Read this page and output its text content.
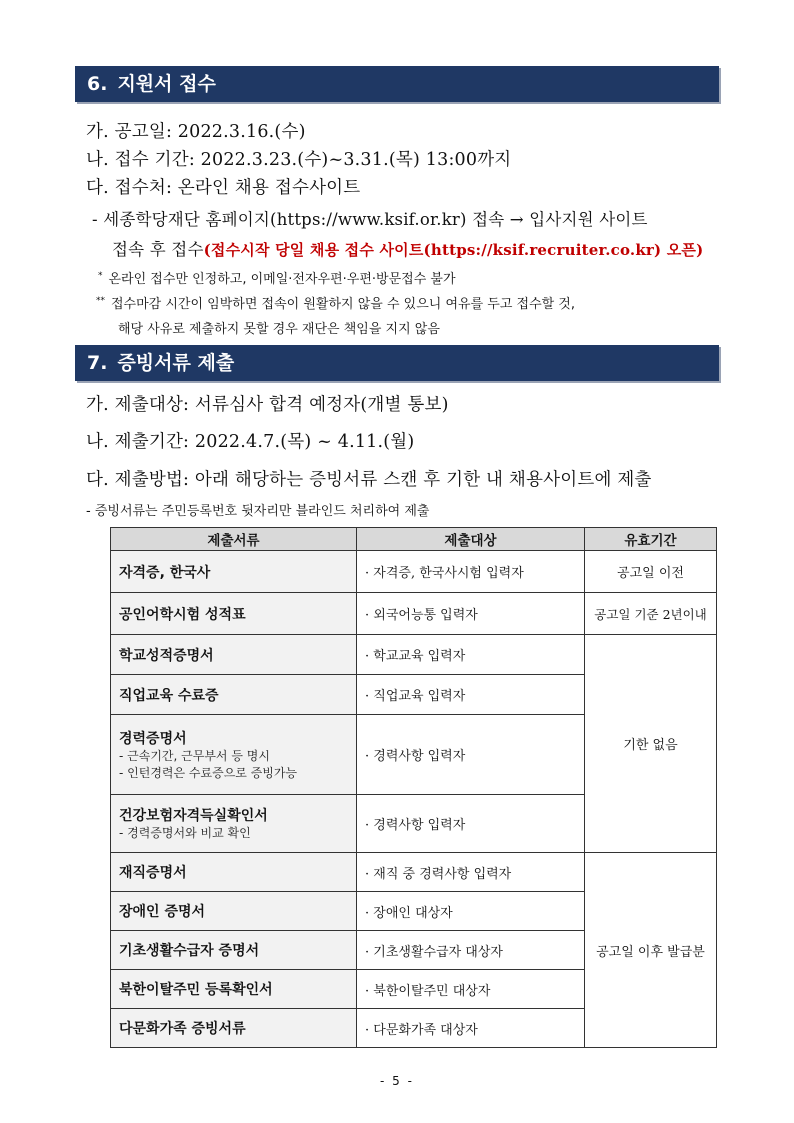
6. 지원서 접수
가. 공고일: 2022.3.16.(수)
나. 접수 기간: 2022.3.23.(수)~3.31.(목) 13:00까지
다. 접수처: 온라인 채용 접수사이트
- 세종학당재단 홈페이지(https://www.ksif.or.kr) 접속 → 입사지원 사이트
접속 후 접수(접수시작 당일 채용 접수 사이트(https://ksif.recruiter.co.kr) 오픈)
* 온라인 접수만 인정하고, 이메일·전자우편·우편·방문접수 불가
** 접수마감 시간이 임박하면 접속이 원활하지 않을 수 있으니 여유를 두고 접수할 것,
해당 사유로 제출하지 못할 경우 재단은 책임을 지지 않음
7. 증빙서류 제출
가. 제출대상: 서류심사 합격 예정자(개별 통보)
나. 제출기간: 2022.4.7.(목) ~ 4.11.(월)
다. 제출방법: 아래 해당하는 증빙서류 스캔 후 기한 내 채용사이트에 제출
- 증빙서류는 주민등록번호 뒷자리만 블라인드 처리하여 제출
제출서류	제출대상	유효기간

자격증, 한국사	· 자격증, 한국사시험 입력자	공고일 이전

공인어학시험 성적표	· 외국어능통 입력자	공고일 기준 2년이내

학교성적증명서	· 학교교육 입력자	기한 없음

직업교육 수료증	· 직업교육 입력자	

경력증명서
- 근속기간, 근무부서 등 명시
- 인턴경력은 수료증으로 증빙가능	· 경력사항 입력자	

건강보험자격득실확인서
- 경력증명서와 비교 확인	· 경력사항 입력자	

재직증명서	· 재직 중 경력사항 입력자	공고일 이후 발급분

장애인 증명서	· 장애인 대상자	

기초생활수급자 증명서	· 기초생활수급자 대상자	

북한이탈주민 등록확인서	· 북한이탈주민 대상자	

다문화가족 증빙서류	· 다문화가족 대상자	
- 5 -
